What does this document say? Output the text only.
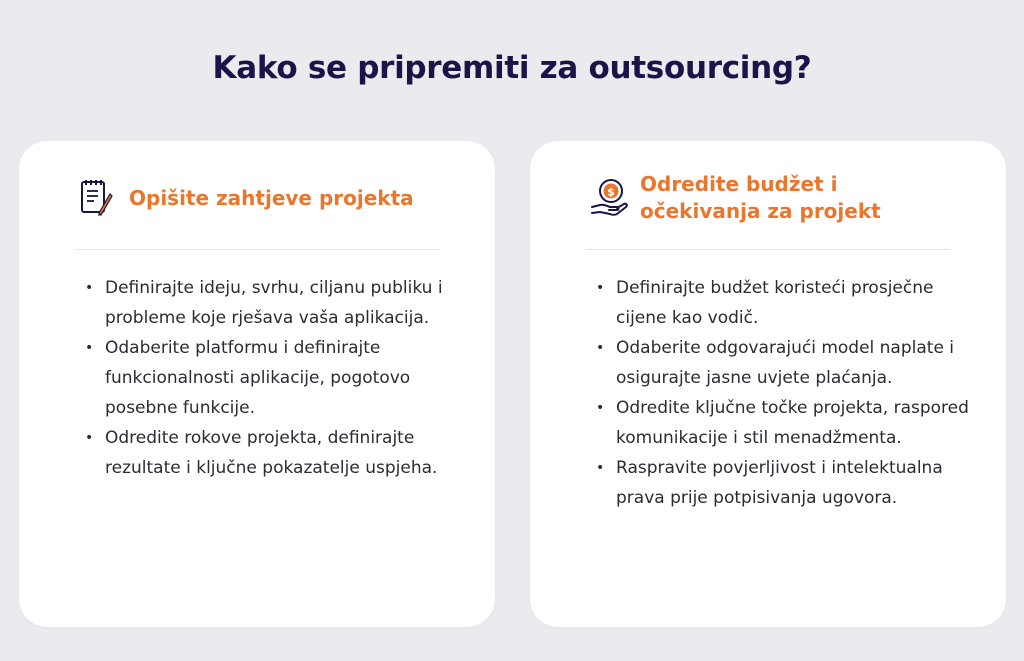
Kako se pripremiti za outsourcing?
Opišite zahtjeve projekta
• Definirajte ideju, svrhu, ciljanu publiku i probleme koje rješava vaša aplikacija.
• Odaberite platformu i definirajte funkcionalnosti aplikacije, pogotovo posebne funkcije.
• Odredite rokove projekta, definirajte rezultate i ključne pokazatelje uspjeha.
$ Odredite budžet i
očekivanja za projekt
• Definirajte budžet koristeći prosječne cijene kao vodič.
• Odaberite odgovarajući model naplate i osigurajte jasne uvjete plaćanja.
• Odredite ključne točke projekta, raspored komunikacije i stil menadžmenta.
• Raspravite povjerljivost i intelektualna prava prije potpisivanja ugovora.
